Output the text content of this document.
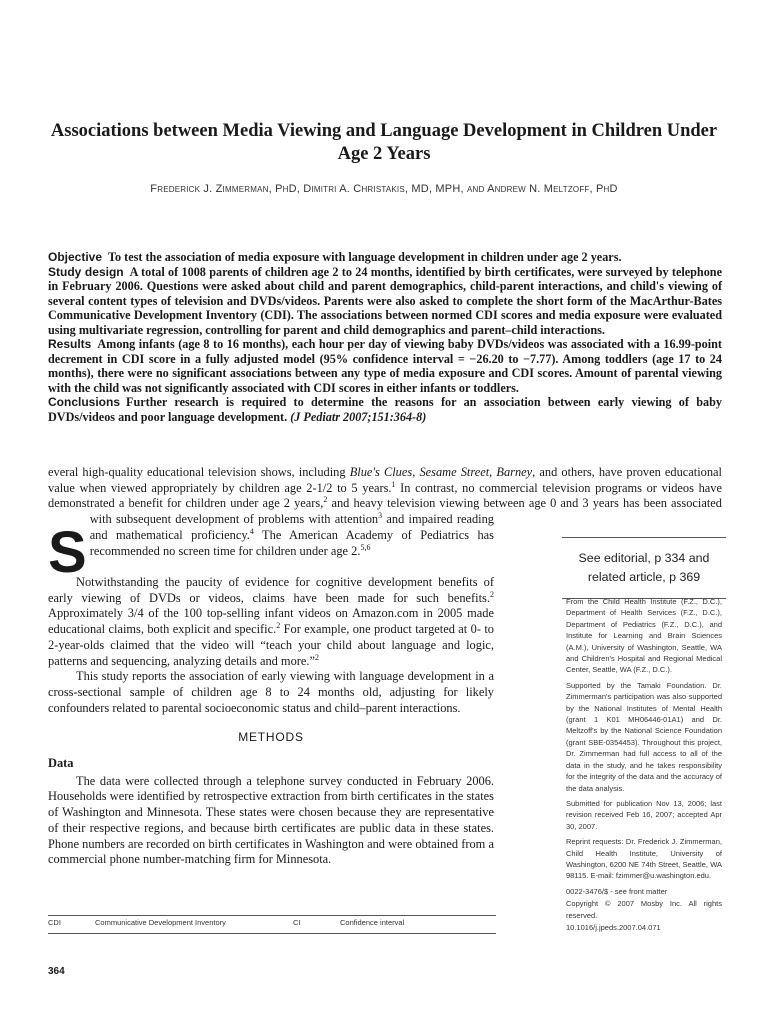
Associations between Media Viewing and Language Development in Children Under Age 2 Years
Frederick J. Zimmerman, PhD, Dimitri A. Christakis, MD, MPH, and Andrew N. Meltzoff, PhD

Objective To test the association of media exposure with language development in children under age 2 years.

Study design A total of 1008 parents of children age 2 to 24 months, identified by birth certificates, were surveyed by telephone in February 2006. Questions were asked about child and parent demographics, child-parent interactions, and child's viewing of several content types of television and DVDs/videos. Parents were also asked to complete the short form of the MacArthur-Bates Communicative Development Inventory (CDI). The associations between normed CDI scores and media exposure were evaluated using multivariate regression, controlling for parent and child demographics and parent–child interactions.

Results Among infants (age 8 to 16 months), each hour per day of viewing baby DVDs/videos was associated with a 16.99-point decrement in CDI score in a fully adjusted model (95% confidence interval = −26.20 to −7.77). Among toddlers (age 17 to 24 months), there were no significant associations between any type of media exposure and CDI scores. Amount of parental viewing with the child was not significantly associated with CDI scores in either infants or toddlers.

Conclusions Further research is required to determine the reasons for an association between early viewing of baby DVDs/videos and poor language development. (J Pediatr 2007;151:364-8)

S
everal high-quality educational television shows, including Blue's Clues, Sesame Street, Barney, and others, have proven educational value when viewed appropriately by children age 2-1/2 to 5 years.$^1$ In contrast, no commercial television programs or videos have demonstrated a benefit for children under age 2 years,$^2$ and heavy television viewing between age 0 and 3 years has been associated with subsequent development of problems with attention$^3$ and impaired reading and mathematical proficiency.$^4$ The American Academy of Pediatrics has recommended no screen time for children under age 2.$^{5,6}$

Notwithstanding the paucity of evidence for cognitive development benefits of early viewing of DVDs or videos, claims have been made for such benefits.$^2$ Approximately 3/4 of the 100 top-selling infant videos on Amazon.com in 2005 made educational claims, both explicit and specific.$^2$ For example, one product targeted at 0- to 2-year-olds claimed that the video will “teach your child about language and logic, patterns and sequencing, analyzing details and more.”$^2$

This study reports the association of early viewing with language development in a cross-sectional sample of children age 8 to 24 months old, adjusting for likely confounders related to parental socioeconomic status and child–parent interactions.

METHODS
Data

The data were collected through a telephone survey conducted in February 2006. Households were identified by retrospective extraction from birth certificates in the states of Washington and Minnesota. These states were chosen because they are representative of their respective regions, and because birth certificates are public data in these states. Phone numbers are recorded on birth certificates in Washington and were obtained from a commercial phone number-matching firm for Minnesota.

See editorial, p 334 and related article, p 369

From the Child Health Institute (F.Z., D.C.), Department of Health Services (F.Z., D.C.), Department of Pediatrics (F.Z., D.C.), and Institute for Learning and Brain Sciences (A.M.), University of Washington, Seattle, WA and Children's Hospital and Regional Medical Center, Seattle, WA (F.Z., D.C.).

Supported by the Tamaki Foundation. Dr. Zimmerman's participation was also supported by the National Institutes of Mental Health (grant 1 K01 MH06446-01A1) and Dr. Meltzoff's by the National Science Foundation (grant SBE-0354453). Throughout this project, Dr. Zimmerman had full access to all of the data in the study, and he takes responsibility for the integrity of the data and the accuracy of the data analysis.

Submitted for publication Nov 13, 2006; last revision received Feb 16, 2007; accepted Apr 30, 2007.

Reprint requests: Dr. Frederick J. Zimmerman, Child Health Institute, University of Washington, 6200 NE 74th Street, Seattle, WA 98115. E-mail: fzimmer@u.washington.edu.

0022-3476/$ - see front matter

Copyright © 2007 Mosby Inc. All rights reserved.

10.1016/j.jpeds.2007.04.071

CDI	Communicative Development Inventory	CI	Confidence interval
364
